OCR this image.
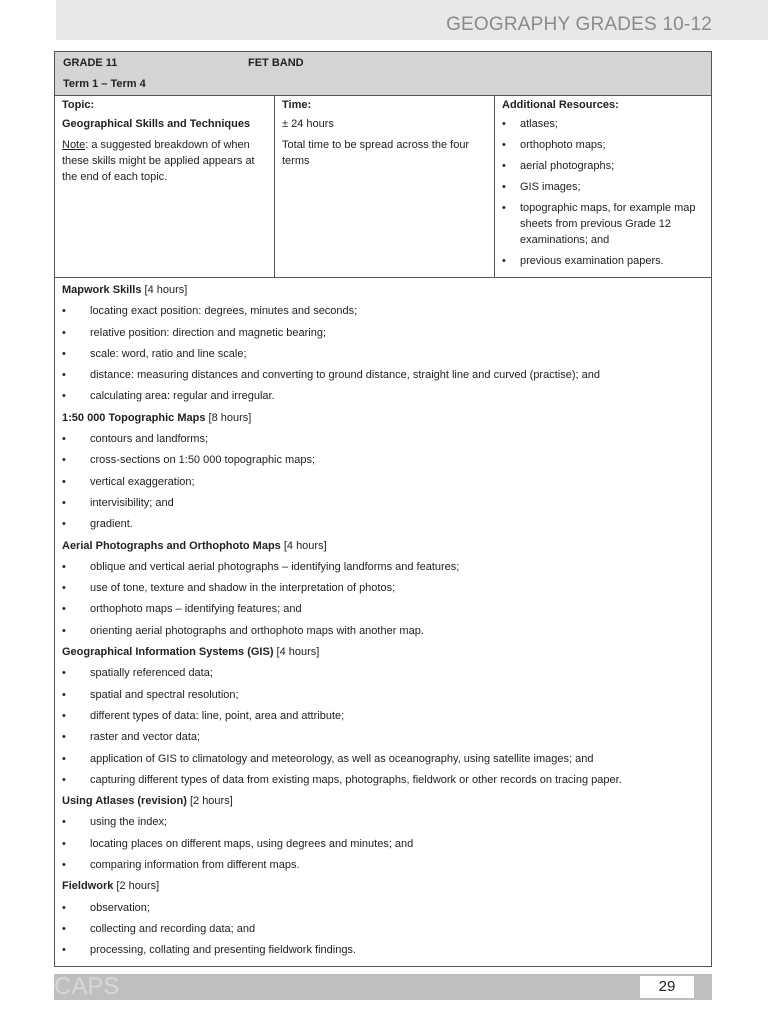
GEOGRAPHY GRADES 10-12
GRADE 11	FET BAND
Term 1 – Term 4
Topic:

Geographical Skills and Techniques

Note: a suggested breakdown of when these skills might be applied appears at the end of each topic.

Time:

± 24 hours

Total time to be spread across the four terms

Additional Resources:
• atlases;
• orthophoto maps;
• aerial photographs;
• GIS images;
• topographic maps, for example map sheets from previous Grade 12 examinations; and
• previous examination papers.
Mapwork Skills [4 hours]
• locating exact position: degrees, minutes and seconds;
• relative position: direction and magnetic bearing;
• scale: word, ratio and line scale;
• distance: measuring distances and converting to ground distance, straight line and curved (practise); and
• calculating area: regular and irregular.
1:50 000 Topographic Maps [8 hours]
• contours and landforms;
• cross-sections on 1:50 000 topographic maps;
• vertical exaggeration;
• intervisibility; and
• gradient.
Aerial Photographs and Orthophoto Maps [4 hours]
• oblique and vertical aerial photographs – identifying landforms and features;
• use of tone, texture and shadow in the interpretation of photos;
• orthophoto maps – identifying features; and
• orienting aerial photographs and orthophoto maps with another map.
Geographical Information Systems (GIS) [4 hours]
• spatially referenced data;
• spatial and spectral resolution;
• different types of data: line, point, area and attribute;
• raster and vector data;
• application of GIS to climatology and meteorology, as well as oceanography, using satellite images; and
• capturing different types of data from existing maps, photographs, fieldwork or other records on tracing paper.
Using Atlases (revision) [2 hours]
• using the index;
• locating places on different maps, using degrees and minutes; and
• comparing information from different maps.
Fieldwork [2 hours]
• observation;
• collecting and recording data; and
• processing, collating and presenting fieldwork findings.
CAPS	29
